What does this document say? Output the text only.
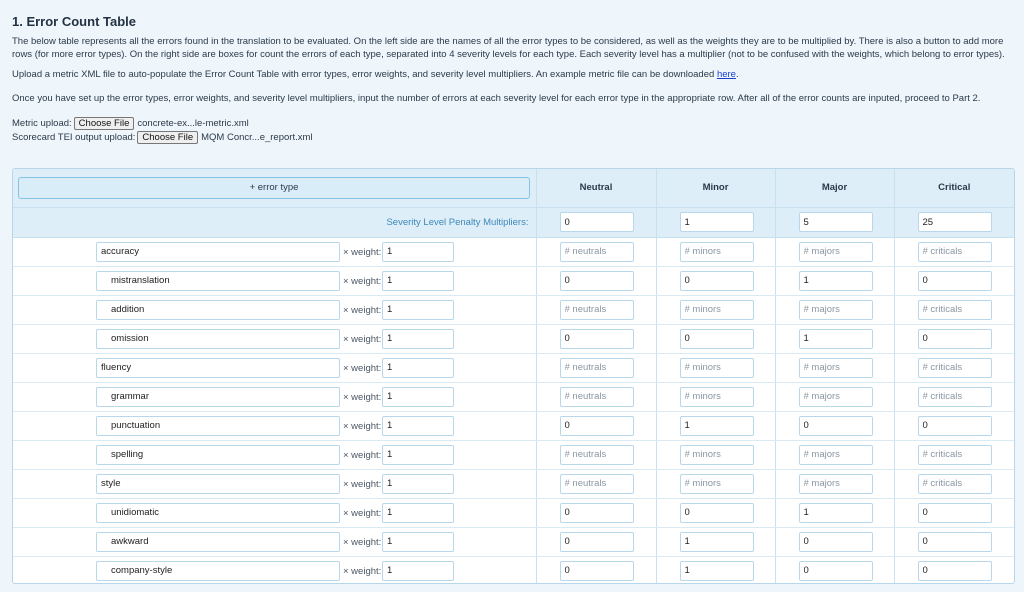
1. Error Count Table

The below table represents all the errors found in the translation to be evaluated. On the left side are the names of all the error types to be considered, as well as the weights they are to be multiplied by. There is also a button to add more rows (for more error types). On the right side are boxes for count the errors of each type, separated into 4 severity levels for each type. Each severity level has a multiplier (not to be confused with the weights, which belong to error types).

Upload a metric XML file to auto-populate the Error Count Table with error types, error weights, and severity level multipliers. An example metric file can be downloaded here.

Once you have set up the error types, error weights, and severity level multipliers, input the number of errors at each severity level for each error type in the appropriate row. After all of the error counts are inputed, proceed to Part 2.

Metric upload: Choose File concrete-ex...le-metric.xml
Scorecard TEI output upload: Choose File MQM Concr...e_report.xml
+ error type	Neutral	Minor	Major	Critical
Severity Level Penalty Multipliers:	0	1	5	25

accuracy
× weight:
1	# neutrals	# minors	# majors	# criticals

mistranslation
× weight:
1	0	0	1	0

addition
× weight:
1	# neutrals	# minors	# majors	# criticals

omission
× weight:
1	0	0	1	0

fluency
× weight:
1	# neutrals	# minors	# majors	# criticals

grammar
× weight:
1	# neutrals	# minors	# majors	# criticals

punctuation
× weight:
1	0	1	0	0

spelling
× weight:
1	# neutrals	# minors	# majors	# criticals

style
× weight:
1	# neutrals	# minors	# majors	# criticals

unidiomatic
× weight:
1	0	0	1	0

awkward
× weight:
1	0	1	0	0

company-style
× weight:
1	0	1	0	0
